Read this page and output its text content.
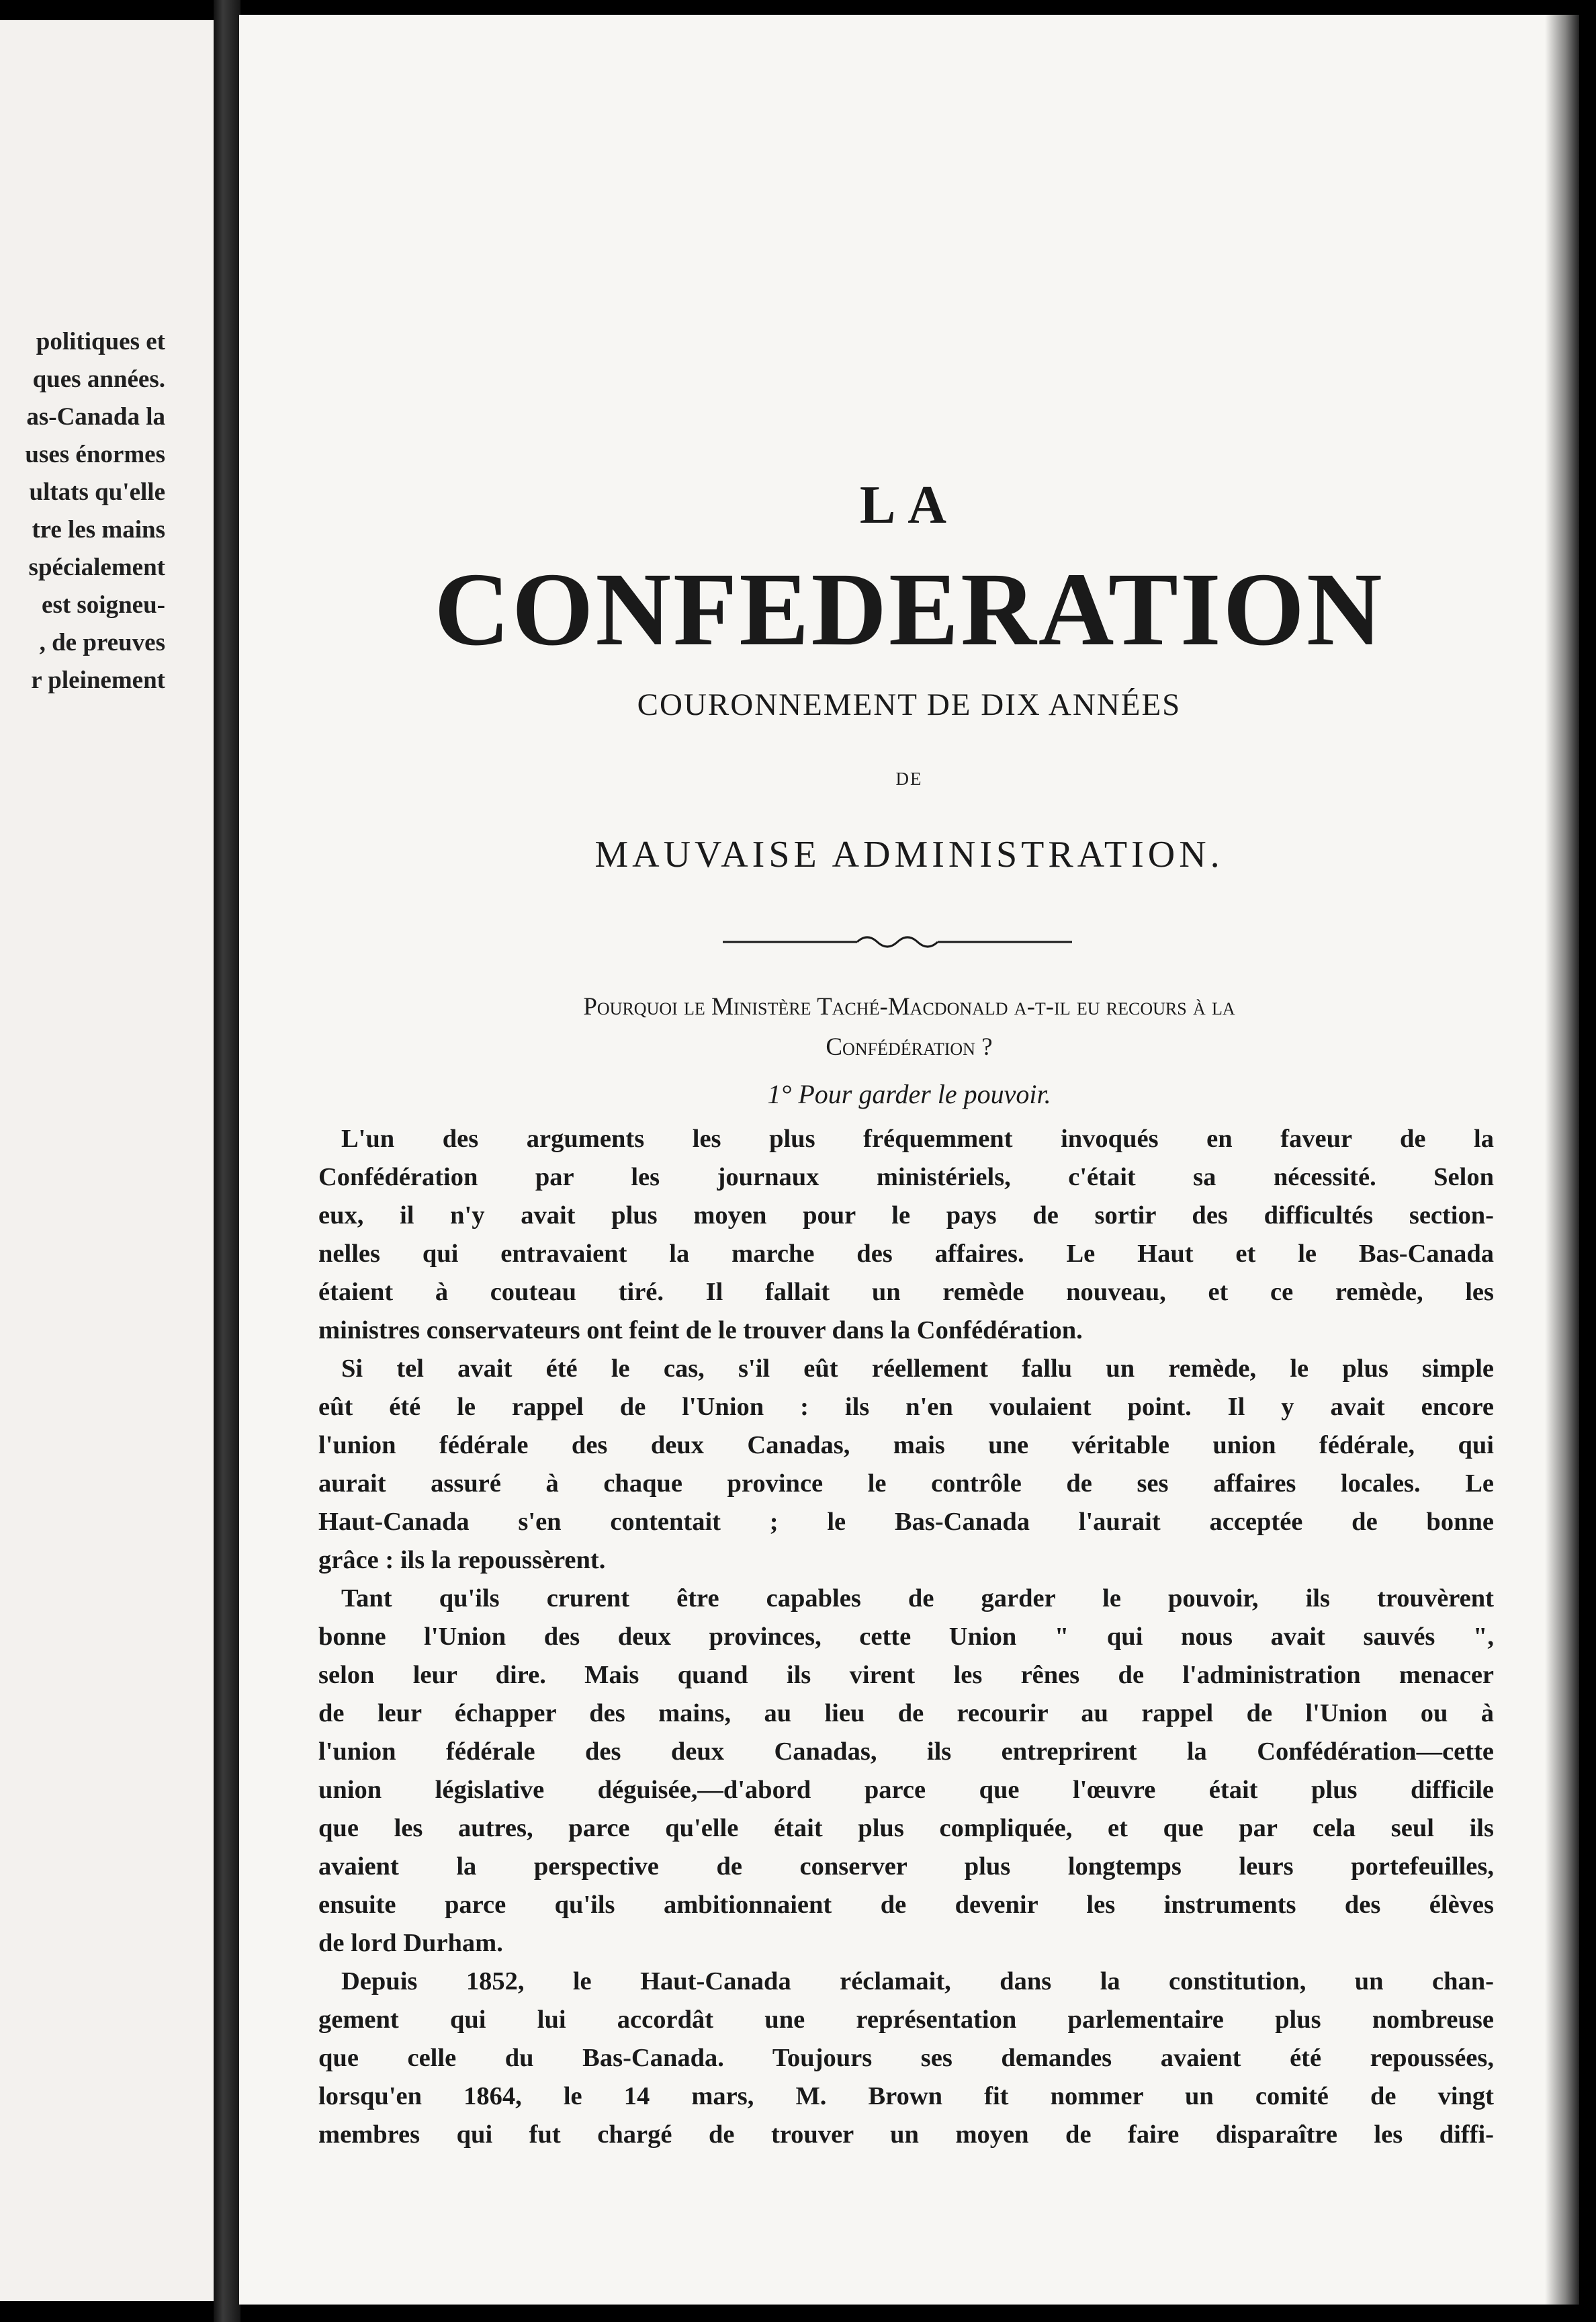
politiques et
ques années.
as-Canada la
uses énormes
ultats qu'elle
tre les mains
spécialement
est soigneu-
, de preuves
r pleinement
LA
CONFEDERATION
COURONNEMENT DE DIX ANNÉES
DE
MAUVAISE ADMINISTRATION.
Pourquoi le Ministère Taché-Macdonald a-t-il eu recours à la
Confédération ?
1° Pour garder le pouvoir.
L'un des arguments les plus fréquemment invoqués en faveur de la
Confédération par les journaux ministériels, c'était sa nécessité. Selon
eux, il n'y avait plus moyen pour le pays de sortir des difficultés section-
nelles qui entravaient la marche des affaires. Le Haut et le Bas-Canada
étaient à couteau tiré. Il fallait un remède nouveau, et ce remède, les
ministres conservateurs ont feint de le trouver dans la Confédération.
Si tel avait été le cas, s'il eût réellement fallu un remède, le plus simple
eût été le rappel de l'Union : ils n'en voulaient point. Il y avait encore
l'union fédérale des deux Canadas, mais une véritable union fédérale, qui
aurait assuré à chaque province le contrôle de ses affaires locales. Le
Haut-Canada s'en contentait ; le Bas-Canada l'aurait acceptée de bonne
grâce : ils la repoussèrent.
Tant qu'ils crurent être capables de garder le pouvoir, ils trouvèrent
bonne l'Union des deux provinces, cette Union " qui nous avait sauvés ",
selon leur dire. Mais quand ils virent les rênes de l'administration menacer
de leur échapper des mains, au lieu de recourir au rappel de l'Union ou à
l'union fédérale des deux Canadas, ils entreprirent la Confédération—cette
union législative déguisée,—d'abord parce que l'œuvre était plus difficile
que les autres, parce qu'elle était plus compliquée, et que par cela seul ils
avaient la perspective de conserver plus longtemps leurs portefeuilles,
ensuite parce qu'ils ambitionnaient de devenir les instruments des élèves
de lord Durham.
Depuis 1852, le Haut-Canada réclamait, dans la constitution, un chan-
gement qui lui accordât une représentation parlementaire plus nombreuse
que celle du Bas-Canada. Toujours ses demandes avaient été repoussées,
lorsqu'en 1864, le 14 mars, M. Brown fit nommer un comité de vingt
membres qui fut chargé de trouver un moyen de faire disparaître les diffi-
